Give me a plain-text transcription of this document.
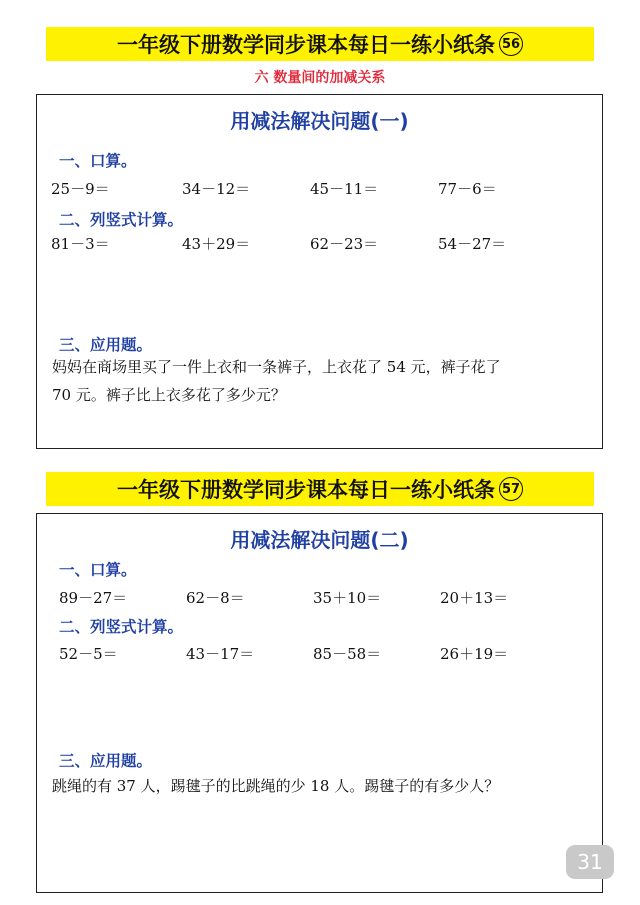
一年级下册数学同步课本每日一练小纸条 56
六 数量间的加减关系
用减法解决问题(一)
一、口算。
25－9＝	34－12＝	45－11＝	77－6＝
二、列竖式计算。
81－3＝	43＋29＝	62－23＝	54－27＝
三、应用题。
妈妈在商场里买了一件上衣和一条裤子，上衣花了 54 元，裤子花了
70 元。裤子比上衣多花了多少元？
一年级下册数学同步课本每日一练小纸条 57
用减法解决问题(二)
一、口算。
89－27＝	62－8＝	35＋10＝	20＋13＝
二、列竖式计算。
52－5＝	43－17＝	85－58＝	26＋19＝
三、应用题。
跳绳的有 37 人，踢毽子的比跳绳的少 18 人。踢毽子的有多少人？
31
